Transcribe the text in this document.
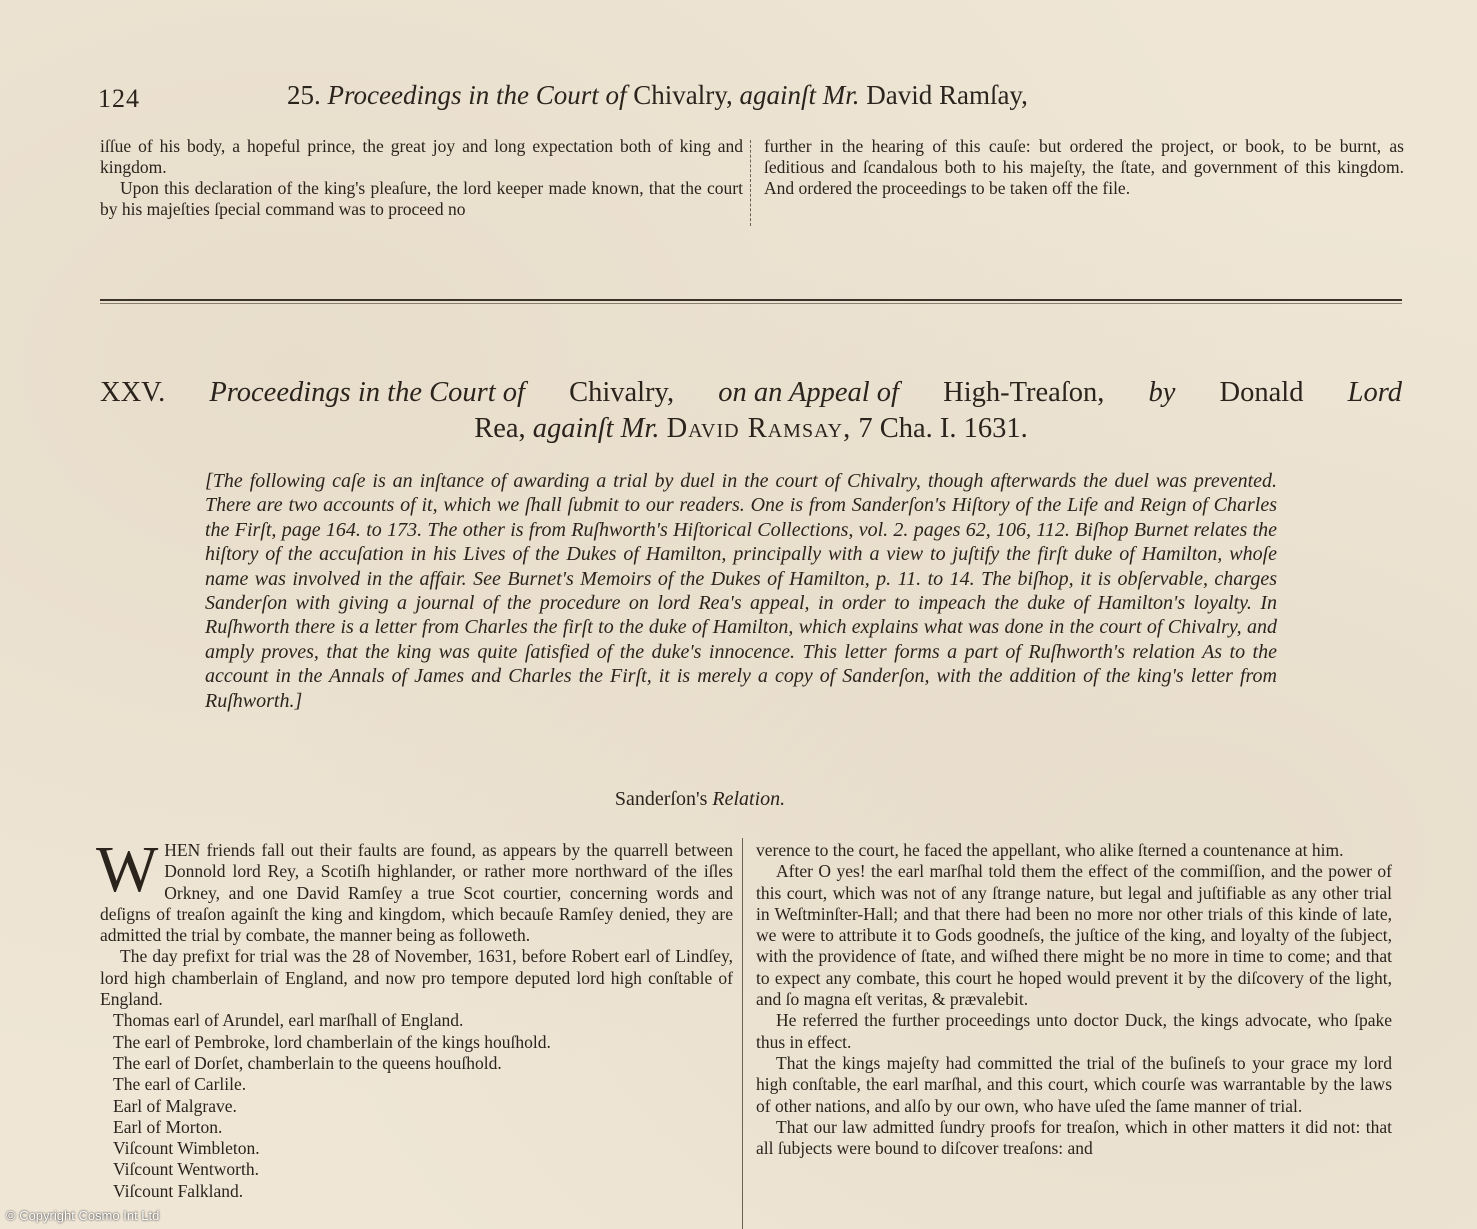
124	25. Proceedings in the Court of Chivalry, againſt Mr. David Ramſay,

iſſue of his body, a hopeful prince, the great joy and long expectation both of king and kingdom.

Upon this declaration of the king's pleaſure, the lord keeper made known, that the court by his majeſties ſpecial command was to proceed no

further in the hearing of this cauſe: but ordered the project, or book, to be burnt, as ſeditious and ſcandalous both to his majeſty, the ſtate, and government of this kingdom. And ordered the proceedings to be taken off the file.

XXV. Proceedings in the Court of Chivalry, on an Appeal of High-Treaſon, by Donald Lord
Rea, againſt Mr. David Ramsay, 7 Cha. I. 1631.

[The following caſe is an inſtance of awarding a trial by duel in the court of Chivalry, though afterwards the duel was prevented. There are two accounts of it, which we ſhall ſubmit to our readers. One is from Sanderſon's Hiſtory of the Life and Reign of Charles the Firſt, page 164. to 173. The other is from Ruſhworth's Hiſtorical Collections, vol. 2. pages 62, 106, 112. Biſhop Burnet relates the hiſtory of the accuſation in his Lives of the Dukes of Hamilton, principally with a view to juſtify the firſt duke of Hamilton, whoſe name was involved in the affair. See Burnet's Memoirs of the Dukes of Hamilton, p. 11. to 14. The biſhop, it is obſervable, charges Sanderſon with giving a journal of the procedure on lord Rea's appeal, in order to impeach the duke of Hamilton's loyalty. In Ruſhworth there is a letter from Charles the firſt to the duke of Hamilton, which explains what was done in the court of Chivalry, and amply proves, that the king was quite ſatisfied of the duke's innocence. This letter forms a part of Ruſhworth's relation As to the account in the Annals of James and Charles the Firſt, it is merely a copy of Sanderſon, with the addition of the king's letter from Ruſhworth.]

Sanderſon's Relation.

WHEN friends fall out their faults are found, as appears by the quarrell between Donnold lord Rey, a Scotiſh highlander, or rather more northward of the iſles Orkney, and one David Ramſey a true Scot courtier, concerning words and deſigns of treaſon againſt the king and kingdom, which becauſe Ramſey denied, they are admitted the trial by combate, the manner being as followeth.

The day prefixt for trial was the 28 of November, 1631, before Robert earl of Lindſey, lord high chamberlain of England, and now pro tempore deputed lord high conſtable of England.

Thomas earl of Arundel, earl marſhall of England.
The earl of Pembroke, lord chamberlain of the kings houſhold.
The earl of Dorſet, chamberlain to the queens houſhold.
The earl of Carlile.
Earl of Malgrave.
Earl of Morton.
Viſcount Wimbleton.
Viſcount Wentworth.
Viſcount Falkland.

verence to the court, he faced the appellant, who alike ſterned a countenance at him.

After O yes! the earl marſhal told them the effect of the commiſſion, and the power of this court, which was not of any ſtrange nature, but legal and juſtifiable as any other trial in Weſtminſter-Hall; and that there had been no more nor other trials of this kinde of late, we were to attribute it to Gods goodneſs, the juſtice of the king, and loyalty of the ſubject, with the providence of ſtate, and wiſhed there might be no more in time to come; and that to expect any combate, this court he hoped would prevent it by the diſcovery of the light, and ſo magna eſt veritas, & prævalebit.

He referred the further proceedings unto doctor Duck, the kings advocate, who ſpake thus in effect.

That the kings majeſty had committed the trial of the buſineſs to your grace my lord high conſtable, the earl marſhal, and this court, which courſe was warrantable by the laws of other nations, and alſo by our own, who have uſed the ſame manner of trial.

That our law admitted ſundry proofs for treaſon, which in other matters it did not: that all ſubjects were bound to diſcover treaſons: and

© Copyright Cosmo Int Ltd
